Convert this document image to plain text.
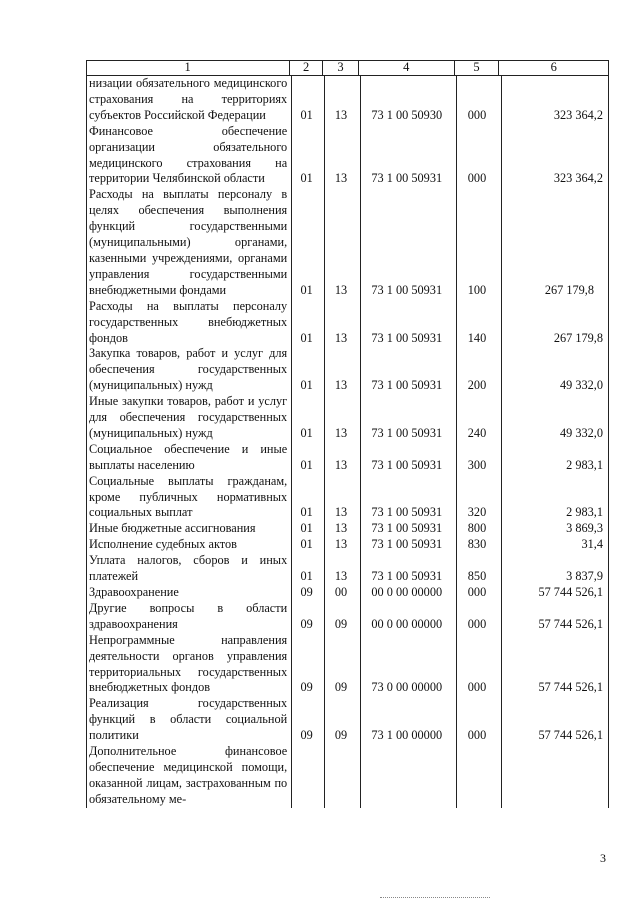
1	2	3	4	5	6
низации обязательного медицинского страхования на территориях субъектов Российской Федерации	01	13	73 1 00 50930	000	323 364,2
Финансовое обеспечение организации обязательного медицинского страхования на территории Челябинской области	01	13	73 1 00 50931	000	323 364,2
Расходы на выплаты персоналу в целях обеспечения выполнения функций государственными (муниципальными) органами, казенными учреждениями, органами управления государственными внебюджетными фондами	01	13	73 1 00 50931	100	267 179,8
Расходы на выплаты персоналу государственных внебюджетных фондов	01	13	73 1 00 50931	140	267 179,8
Закупка товаров, работ и услуг для обеспечения государственных (муниципальных) нужд	01	13	73 1 00 50931	200	49 332,0
Иные закупки товаров, работ и услуг для обеспечения государственных (муниципальных) нужд	01	13	73 1 00 50931	240	49 332,0
Социальное обеспечение и иные выплаты населению	01	13	73 1 00 50931	300	2 983,1
Социальные выплаты гражданам, кроме публичных нормативных социальных выплат	01	13	73 1 00 50931	320	2 983,1
Иные бюджетные ассигнования	01	13	73 1 00 50931	800	3 869,3
Исполнение судебных актов	01	13	73 1 00 50931	830	31,4
Уплата налогов, сборов и иных платежей	01	13	73 1 00 50931	850	3 837,9
Здравоохранение	09	00	00 0 00 00000	000	57 744 526,1
Другие вопросы в области здравоохранения	09	09	00 0 00 00000	000	57 744 526,1
Непрограммные направления деятельности органов управления территориальных государственных внебюджетных фондов	09	09	73 0 00 00000	000	57 744 526,1
Реализация государственных функций в области социальной политики	09	09	73 1 00 00000	000	57 744 526,1
Дополнительное финансовое обеспечение медицинской помощи, оказанной лицам, застрахованным по обязательному ме-
3
